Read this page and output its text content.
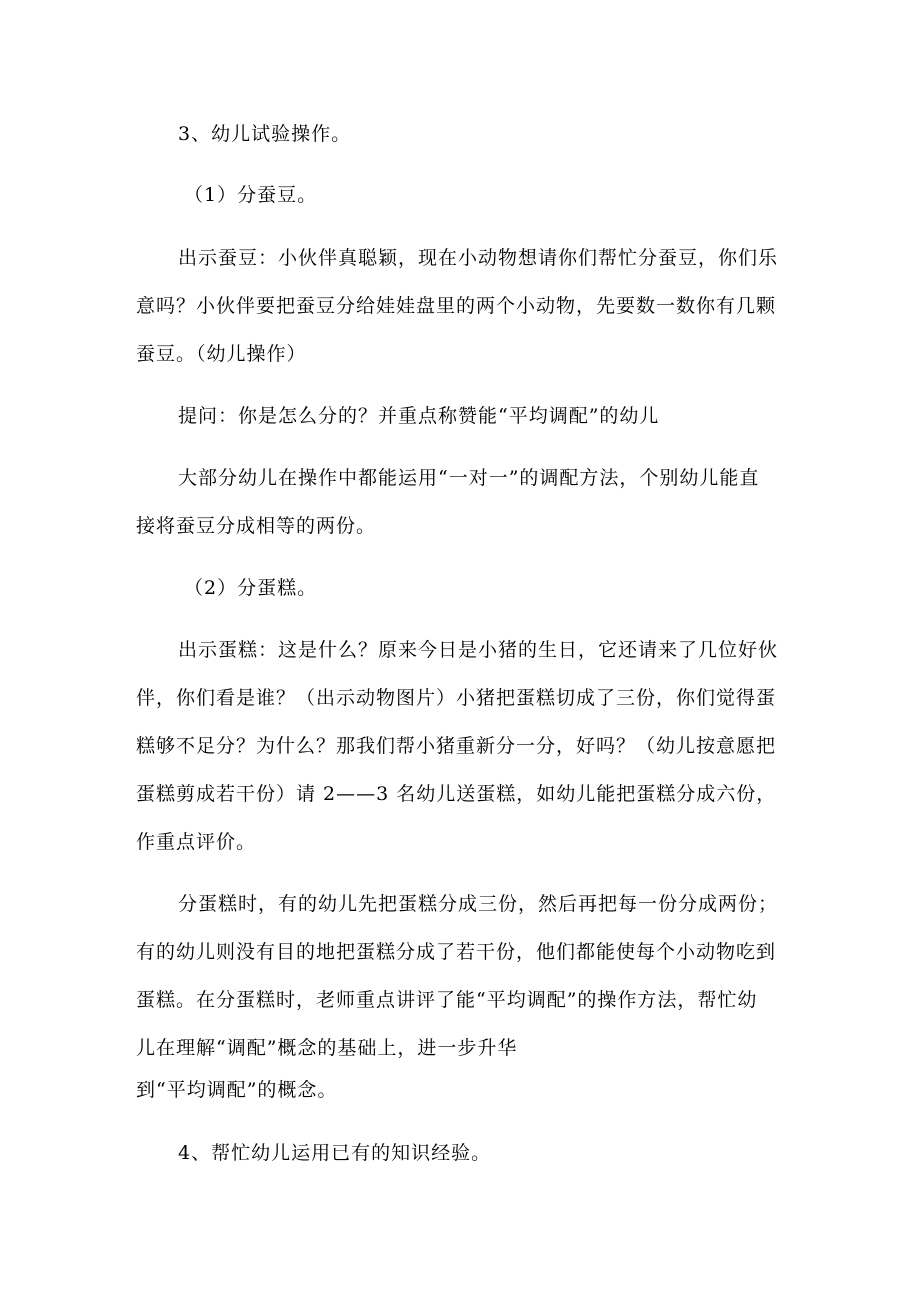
3、幼儿试验操作。
（1）分蚕豆。
出示蚕豆：小伙伴真聪颖，现在小动物想请你们帮忙分蚕豆，你们乐
意吗？小伙伴要把蚕豆分给娃娃盘里的两个小动物，先要数一数你有几颗
蚕豆。（幼儿操作）
提问：你是怎么分的？并重点称赞能“平均调配”的幼儿
大部分幼儿在操作中都能运用“一对一”的调配方法，个别幼儿能直
接将蚕豆分成相等的两份。
（2）分蛋糕。
出示蛋糕：这是什么？原来今日是小猪的生日，它还请来了几位好伙
伴，你们看是谁？（出示动物图片）小猪把蛋糕切成了三份，你们觉得蛋
糕够不足分？为什么？那我们帮小猪重新分一分，好吗？（幼儿按意愿把
蛋糕剪成若干份）请 2——3 名幼儿送蛋糕，如幼儿能把蛋糕分成六份，
作重点评价。
分蛋糕时，有的幼儿先把蛋糕分成三份，然后再把每一份分成两份；
有的幼儿则没有目的地把蛋糕分成了若干份，他们都能使每个小动物吃到
蛋糕。在分蛋糕时，老师重点讲评了能“平均调配”的操作方法，帮忙幼
儿在理解“调配”概念的基础上，进一步升华
到“平均调配”的概念。
4、帮忙幼儿运用已有的知识经验。
